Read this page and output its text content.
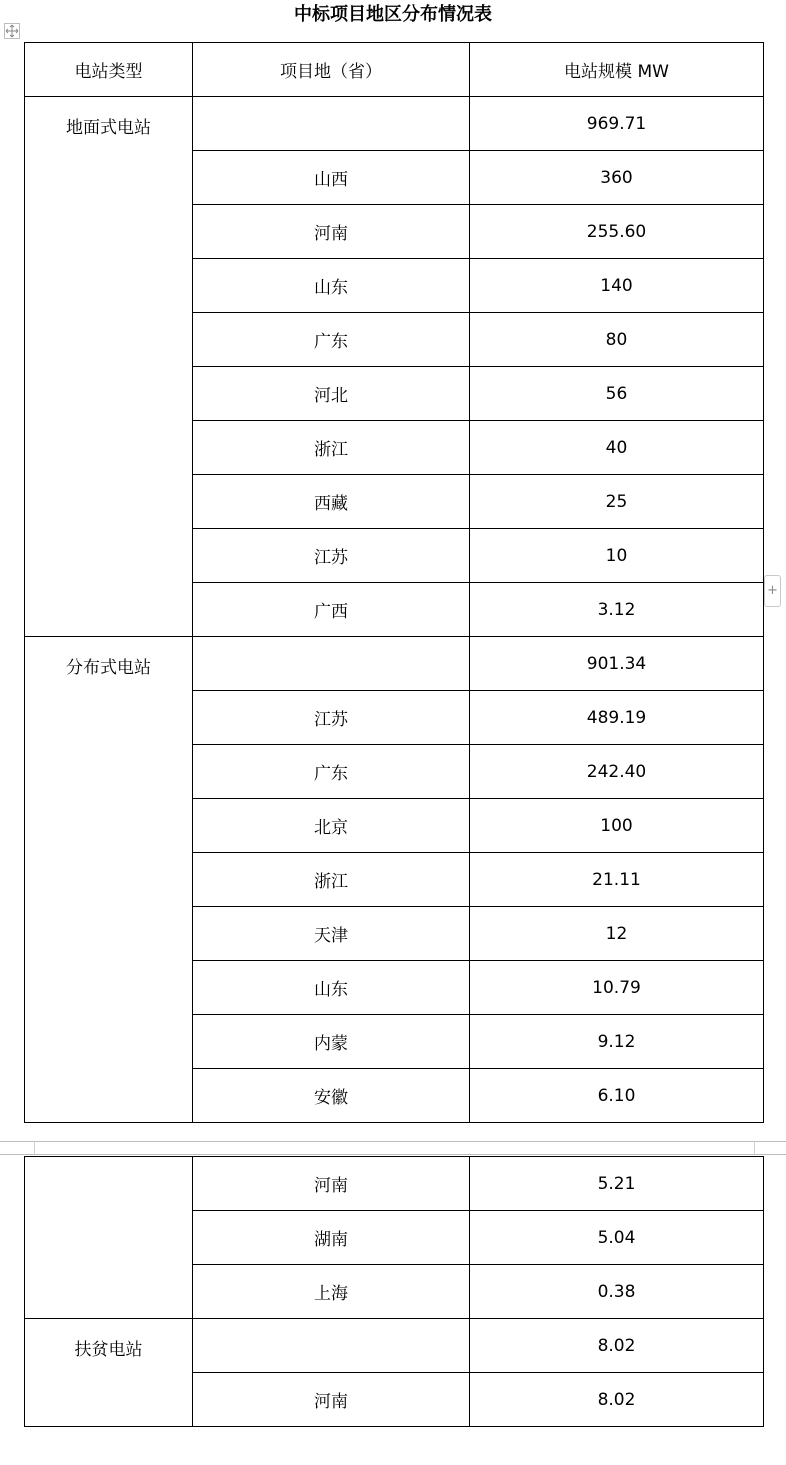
中标项目地区分布情况表
+
电站类型	项目地（省）	电站规模 MW
地面式电站		969.71
	山西	360
	河南	255.60
	山东	140
	广东	80
	河北	56
	浙江	40
	西藏	25
	江苏	10
	广西	3.12
分布式电站		901.34
	江苏	489.19
	广东	242.40
	北京	100
	浙江	21.11
	天津	12
	山东	10.79
	内蒙	9.12
	安徽	6.10
	河南	5.21
	湖南	5.04
	上海	0.38
扶贫电站		8.02
	河南	8.02
